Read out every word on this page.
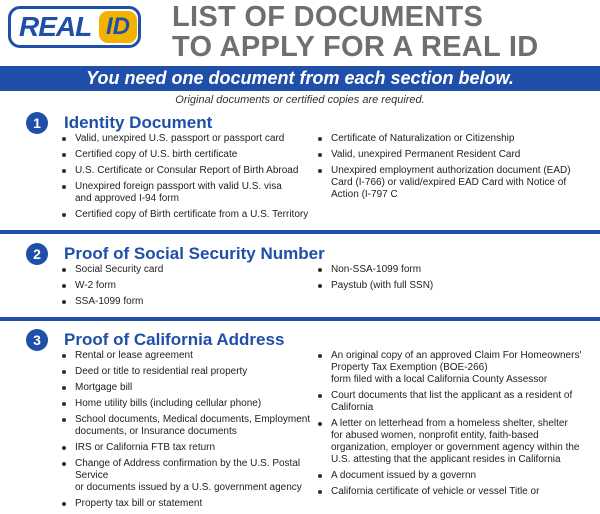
REAL ID LIST OF DOCUMENTS
TO APPLY FOR A REAL ID
You need one document from each section below.
Original documents or certified copies are required.
1	Identity Document
Valid, unexpired U.S. passport or passport card
Certified copy of U.S. birth certificate
U.S. Certificate or Consular Report of Birth Abroad
Unexpired foreign passport with valid U.S. visa
and approved I-94 form
Certified copy of Birth certificate from a U.S. Territory
Certificate of Naturalization or Citizenship
Valid, unexpired Permanent Resident Card
Unexpired employment authorization document (EAD)
Card (I-766) or valid/expired EAD Card with Notice of
Action (I-797 C
2	Proof of Social Security Number
Social Security card
W-2 form
SSA-1099 form
Non-SSA-1099 form
Paystub (with full SSN)
3	Proof of California Address
Rental or lease agreement
Deed or title to residential real property
Mortgage bill
Home utility bills (including cellular phone)
School documents, Medical documents, Employment
documents, or Insurance documents
IRS or California FTB tax return
Change of Address confirmation by the U.S. Postal Service
or documents issued by a U.S. government agency
Property tax bill or statement
An original copy of an approved Claim For Homeowners'
Property Tax Exemption (BOE-266)
form filed with a local California County Assessor
Court documents that list the applicant as a resident of
California
A letter on letterhead from a homeless shelter, shelter
for abused women, nonprofit entity, faith-based
organization, employer or government agency within the
U.S. attesting that the applicant resides in California
A document issued by a governn
California certificate of vehicle or vessel Title or
